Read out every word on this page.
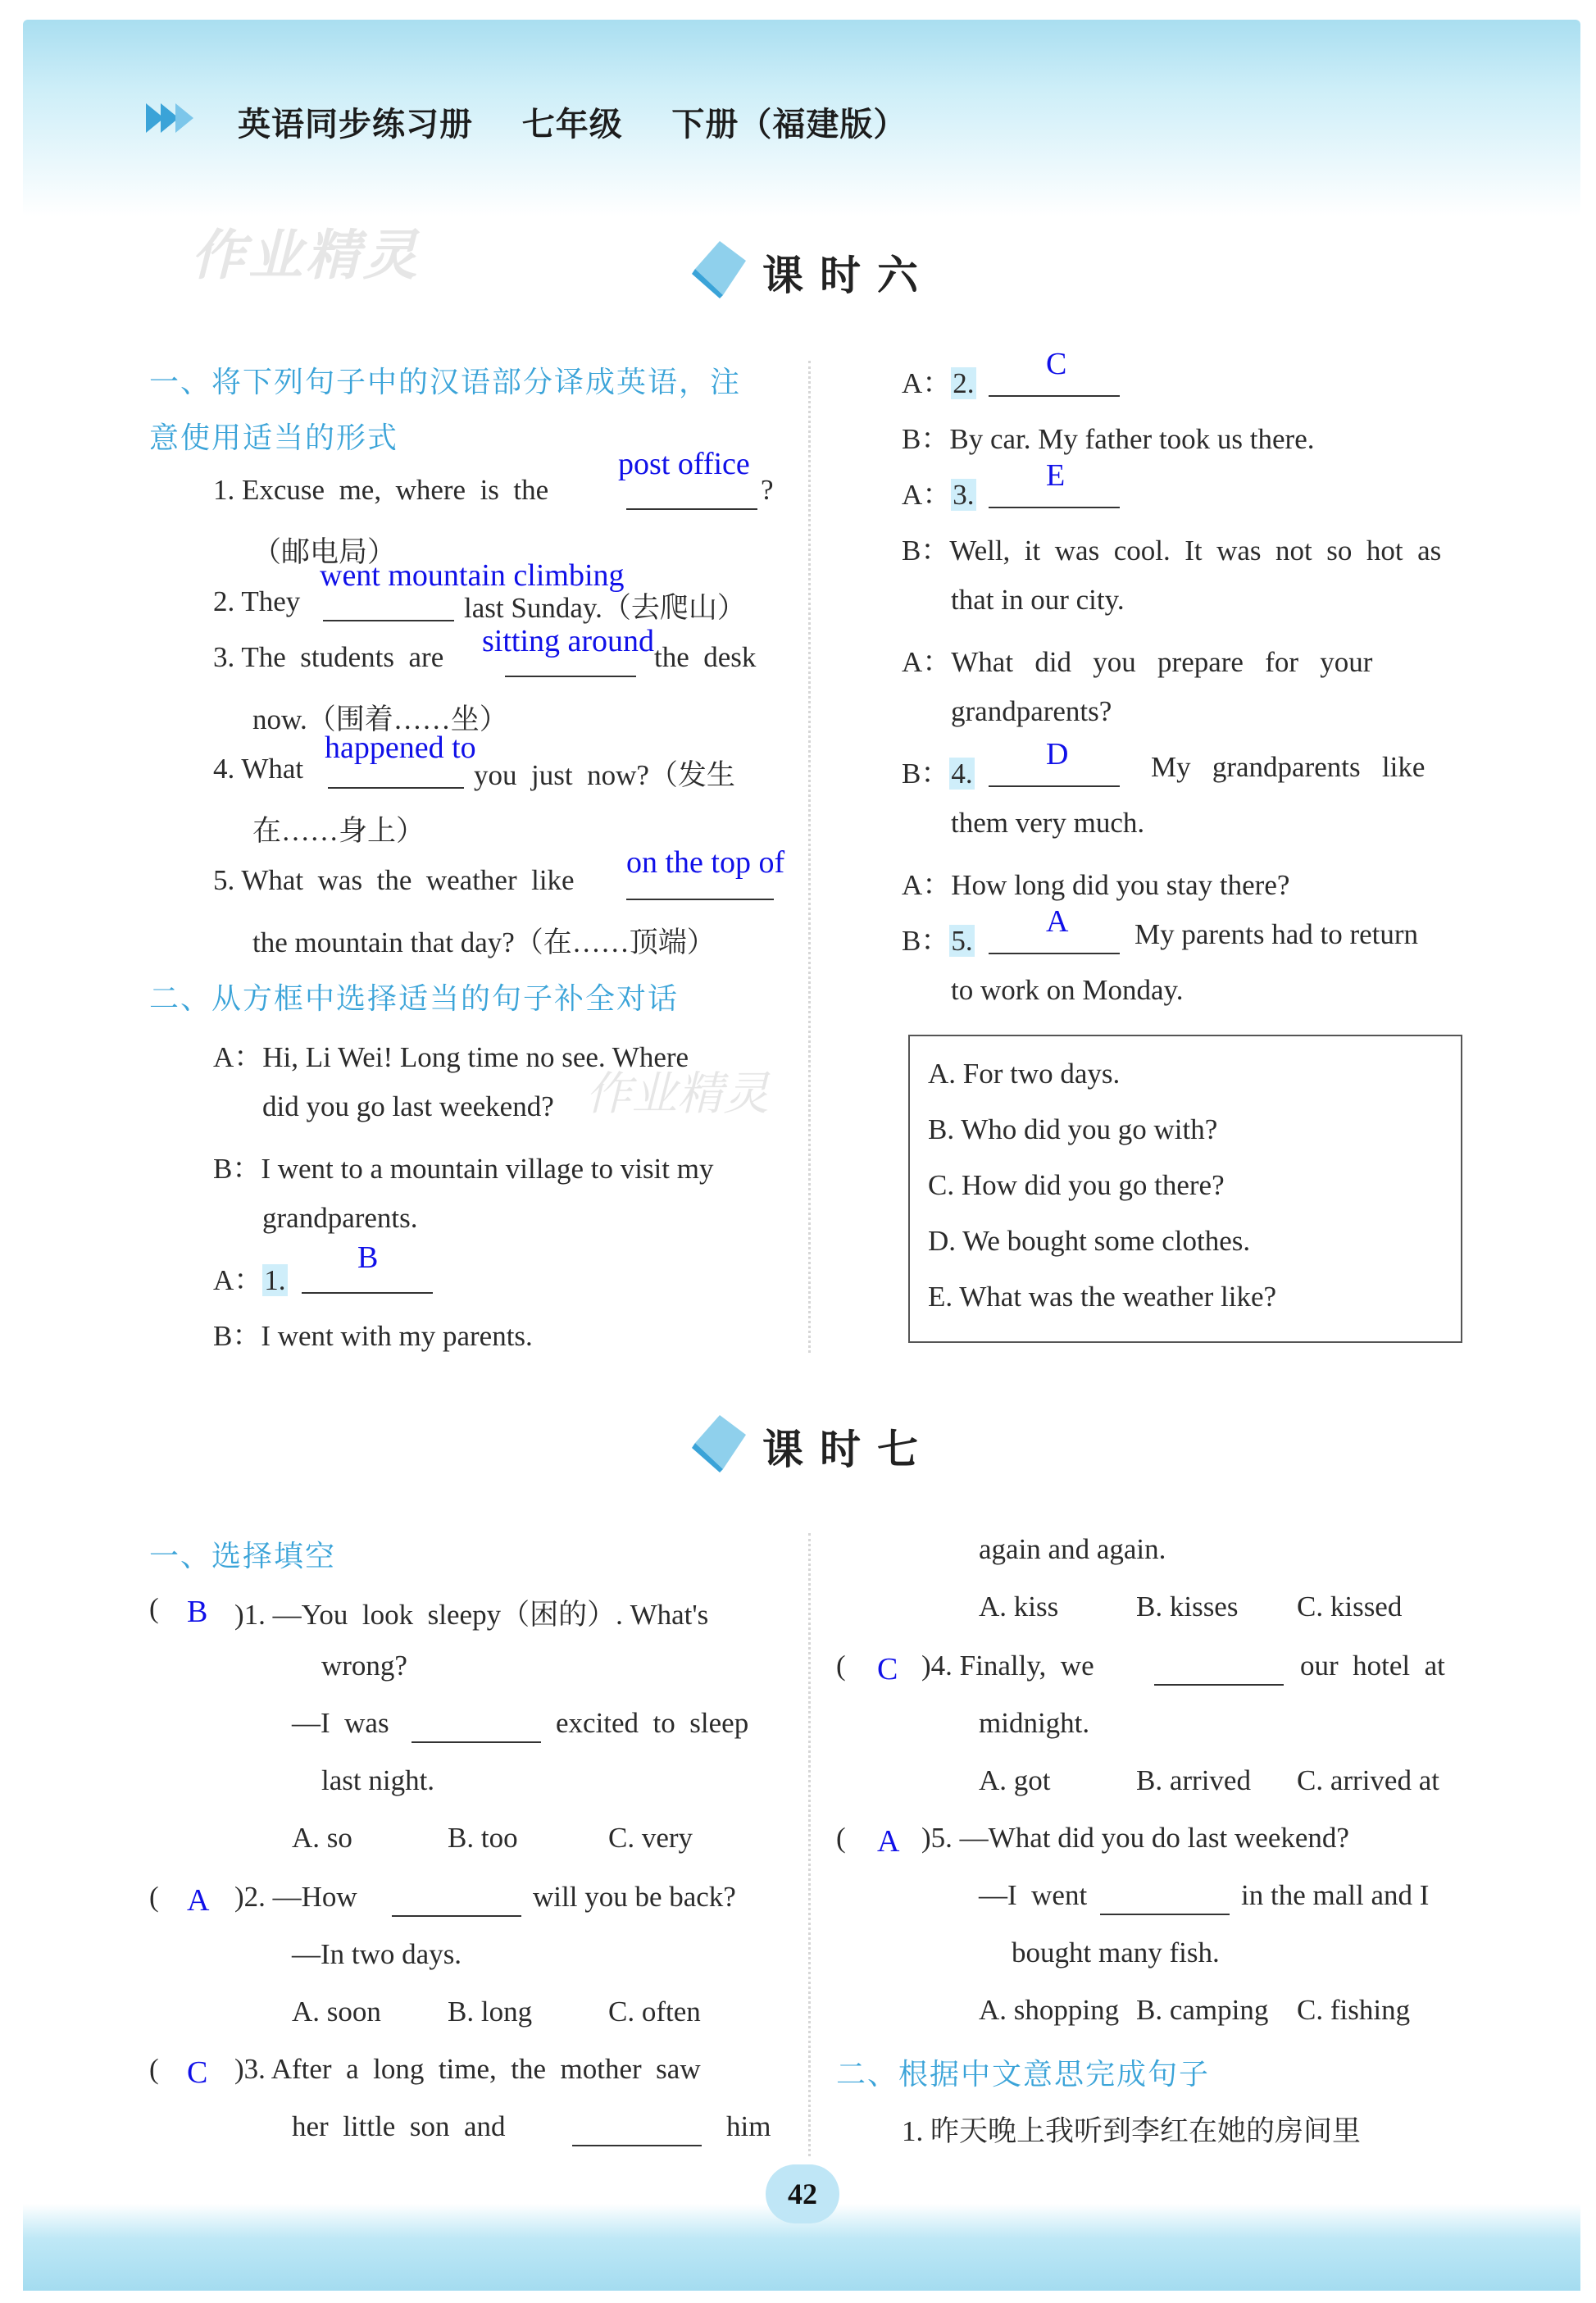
英语同步练习册 七年级 下册（福建版）
作业精灵	课时六
一、将下列句子中的汉语部分译成英语，注
意使用适当的形式
1. Excuse  me,  where  is  the
post office
?
（邮电局）
2. They
went mountain climbing
last Sunday.（去爬山）
3. The  students  are sitting around the  desk
now.（围着……坐）
4. What
happened to
you  just  now?（发生
在……身上）
5. What  was  the  weather  like
on the top of
the mountain that day?（在……顶端）
二、从方框中选择适当的句子补全对话
A：Hi, Li Wei! Long time no see. Where
did you go last weekend? 作业精灵
B：I went to a mountain village to visit my
grandparents.
A：1.
B
B：I went with my parents.
A：2.
C
B：By car. My father took us there.
A：3.
E
B：Well,  it  was  cool.  It  was  not  so  hot  as
that in our city.
A：What   did   you   prepare   for   your
grandparents?
B：4.
D	My   grandparents   like
them very much.
A：How long did you stay there?
B：5.
A My parents had to return
to work on Monday.
A. For two days.
B. Who did you go with?
C. How did you go there?
D. We bought some clothes.
E. What was the weather like?
课时七
一、选择填空
( B )1. —You  look  sleepy（困的）. What's
wrong?
—I  was	excited  to  sleep
last night.
A. so	B. too	C. very
( A )2. —How	will you be back?
—In two days.
A. soon B. long	C. often
( C )3. After  a  long  time,  the  mother  saw
her  little  son  and	him
again and again.
A. kiss	B. kisses C. kissed
( C )4. Finally,  we	our  hotel  at
midnight.
A. got	B. arrived C. arrived at
( A )5. —What did you do last weekend?
—I  went	in the mall and I
bought many fish.
A. shopping B. camping C. fishing
二、根据中文意思完成句子
1. 昨天晚上我听到李红在她的房间里
42
